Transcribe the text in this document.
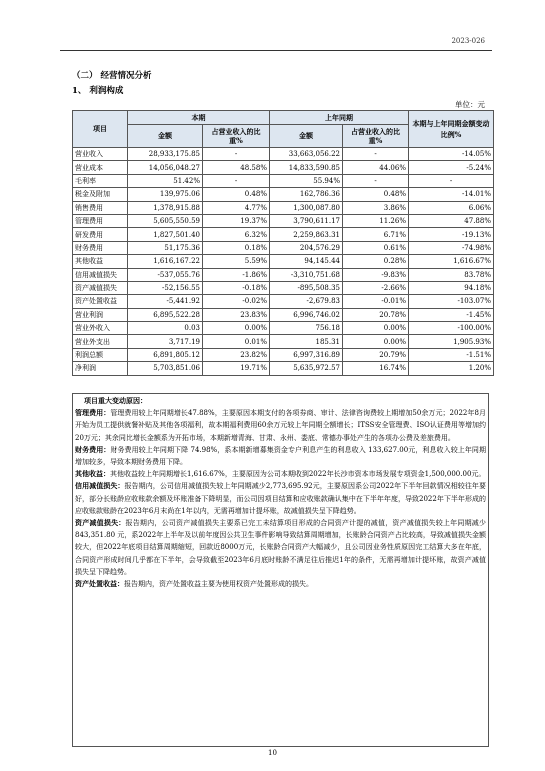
2023-026
（二） 经营情况分析
1、 利润构成
单位：元
项目	本期		上年同期		本期与上年同期金额变动比例%
	金额	占营业收入的比重%	金额	占营业收入的比重%	
营业收入	28,933,175.85	-	33,663,056.22	-	-14.05%
营业成本	14,056,048.27	48.58%	14,833,590.85	44.06%	-5.24%
毛利率	51.42%	-	55.94%	-	-
税金及附加	139,975.06	0.48%	162,786.36	0.48%	-14.01%
销售费用	1,378,915.88	4.77%	1,300,087.80	3.86%	6.06%
管理费用	5,605,550.59	19.37%	3,790,611.17	11.26%	47.88%
研发费用	1,827,501.40	6.32%	2,259,863.31	6.71%	-19.13%
财务费用	51,175.36	0.18%	204,576.29	0.61%	-74.98%
其他收益	1,616,167.22	5.59%	94,145.44	0.28%	1,616.67%
信用减值损失	-537,055.76	-1.86%	-3,310,751.68	-9.83%	83.78%
资产减值损失	-52,156.55	-0.18%	-895,508.35	-2.66%	94.18%
资产处置收益	-5,441.92	-0.02%	-2,679.83	-0.01%	-103.07%
营业利润	6,895,522.28	23.83%	6,996,746.02	20.78%	-1.45%
营业外收入	0.03	0.00%	756.18	0.00%	-100.00%
营业外支出	3,717.19	0.01%	185.31	0.00%	1,905.93%
利润总额	6,891,805.12	23.82%	6,997,316.89	20.79%	-1.51%
净利润	5,703,851.06	19.71%	5,635,972.57	16.74%	1.20%
项目重大变动原因：

管理费用：管理费用较上年同期增长47.88%，主要原因本期支付的各项券商、审计、法律咨询费较上期增加50余万元；2022年8月开始为员工提供就餐补贴及其他各项福利，故本期福利费用60余万元较上年同期仝额增长；ITSS安全管理费、ISO认证费用等增加约20万元；其余同比增长金额系为开拓市场，本期新增青海、甘肃、永州、娄底、常德办事处产生的各项办公费及差旅费用。

财务费用：财务费用较上年同期下降 74.98%，系本期新增募集资金专户利息产生的利息收入 133,627.00元，利息收入较上年同期增加较多，导致本期财务费用下降。

其他收益：其他收益较上年同期增长1,616.67%，主要原因为公司本期收到2022年长沙市资本市场发展专项资金1,500,000.00元。

信用减值损失：报告期内，公司信用减值损失较上年同期减少2,773,695.92元，主要原因系公司2022年下半年回款情况相较往年要好，部分长账龄应收账款余额及坏账准备下降明显，而公司因项目结算和应收账款确认集中在下半年年度，导致2022年下半年形成的应收账款账龄在2023年6月末尚在1年以内，无需再增加计提坏账，故减值损失呈下降趋势。

资产减值损失：报告期内，公司资产减值损失主要系已完工未结算项目形成的合同资产计提的减值，资产减值损失较上年同期减少843,351.80 元，系2022年上半年及以前年度因公共卫生事件影响导致结算周期增加，长账龄合同资产占比较高，导致减值损失金额较大，但2022年底项目结算周期缩短，回款近8000万元，长账龄合同资产大幅减少，且公司因业务性质原因完工结算大多在年底，合同资产形成时间几乎都在下半年，会导致截至2023年6月底时账龄不满足往后推迟1年的条件，无需再增加计提坏账，故资产减值损失呈下降趋势。

资产处置收益：报告期内，资产处置收益主要为使用权资产处置形成的损失。

10
